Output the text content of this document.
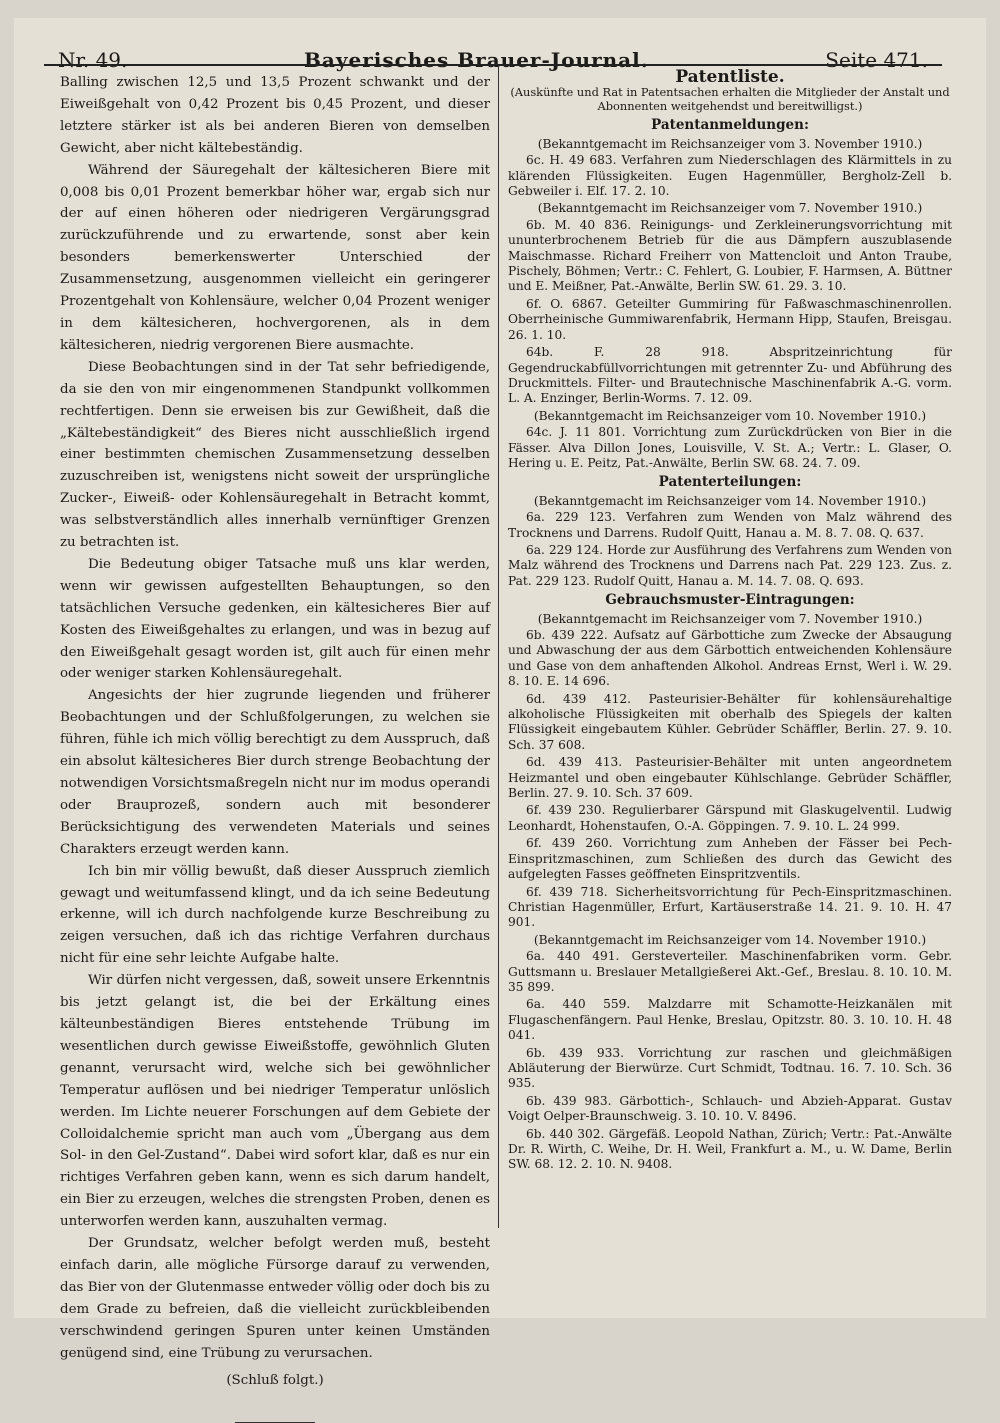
Nr. 49.	Bayerisches Brauer-Journal.	Seite 471.

Balling zwischen 12,5 und 13,5 Prozent schwankt und der Eiweißgehalt von 0,42 Prozent bis 0,45 Prozent, und dieser letztere stärker ist als bei anderen Bieren von demselben Gewicht, aber nicht kältebeständig.

Während der Säuregehalt der kältesicheren Biere mit 0,008 bis 0,01 Prozent bemerkbar höher war, ergab sich nur der auf einen höheren oder niedrigeren Vergärungsgrad zurückzuführende und zu erwartende, sonst aber kein besonders bemerkenswerter Unterschied der Zusammensetzung, ausgenommen vielleicht ein geringerer Prozentgehalt von Kohlensäure, welcher 0,04 Prozent weniger in dem kältesicheren, hochvergorenen, als in dem kältesicheren, niedrig vergorenen Biere ausmachte.

Diese Beobachtungen sind in der Tat sehr befriedigende, da sie den von mir eingenommenen Standpunkt vollkommen rechtfertigen. Denn sie erweisen bis zur Gewißheit, daß die „Kältebeständigkeit“ des Bieres nicht ausschließlich irgend einer bestimmten chemischen Zusammensetzung desselben zuzuschreiben ist, wenigstens nicht soweit der ursprüngliche Zucker-, Eiweiß- oder Kohlensäuregehalt in Betracht kommt, was selbstverständlich alles innerhalb vernünftiger Grenzen zu betrachten ist.

Die Bedeutung obiger Tatsache muß uns klar werden, wenn wir gewissen aufgestellten Behauptungen, so den tatsächlichen Versuche gedenken, ein kältesicheres Bier auf Kosten des Eiweißgehaltes zu erlangen, und was in bezug auf den Eiweißgehalt gesagt worden ist, gilt auch für einen mehr oder weniger starken Kohlensäuregehalt.

Angesichts der hier zugrunde liegenden und früherer Beobachtungen und der Schlußfolgerungen, zu welchen sie führen, fühle ich mich völlig berechtigt zu dem Ausspruch, daß ein absolut kältesicheres Bier durch strenge Beobachtung der notwendigen Vorsichtsmaßregeln nicht nur im modus operandi oder Brauprozeß, sondern auch mit besonderer Berücksichtigung des verwendeten Materials und seines Charakters erzeugt werden kann.

Ich bin mir völlig bewußt, daß dieser Ausspruch ziemlich gewagt und weitumfassend klingt, und da ich seine Bedeutung erkenne, will ich durch nachfolgende kurze Beschreibung zu zeigen versuchen, daß ich das richtige Verfahren durchaus nicht für eine sehr leichte Aufgabe halte.

Wir dürfen nicht vergessen, daß, soweit unsere Erkenntnis bis jetzt gelangt ist, die bei der Erkältung eines kälteunbeständigen Bieres entstehende Trübung im wesentlichen durch gewisse Eiweißstoffe, gewöhnlich Gluten genannt, verursacht wird, welche sich bei gewöhnlicher Temperatur auflösen und bei niedriger Temperatur unlöslich werden. Im Lichte neuerer Forschungen auf dem Gebiete der Colloidalchemie spricht man auch vom „Übergang aus dem Sol- in den Gel-Zustand“. Dabei wird sofort klar, daß es nur ein richtiges Verfahren geben kann, wenn es sich darum handelt, ein Bier zu erzeugen, welches die strengsten Proben, denen es unterworfen werden kann, auszuhalten vermag.

Der Grundsatz, welcher befolgt werden muß, besteht einfach darin, alle mögliche Fürsorge darauf zu verwenden, das Bier von der Glutenmasse entweder völlig oder doch bis zu dem Grade zu befreien, daß die vielleicht zurückbleibenden verschwindend geringen Spuren unter keinen Umständen genügend sind, eine Trübung zu verursachen.

(Schluß folgt.)

Patentliste.

(Auskünfte und Rat in Patentsachen erhalten die Mitglieder der Anstalt und Abonnenten weitgehendst und bereitwilligst.)

Patentanmeldungen:

(Bekanntgemacht im Reichsanzeiger vom 3. November 1910.)

6c. H. 49 683. Verfahren zum Niederschlagen des Klärmittels in zu klärenden Flüssigkeiten. Eugen Hagenmüller, Bergholz-Zell b. Gebweiler i. Elf. 17. 2. 10.

(Bekanntgemacht im Reichsanzeiger vom 7. November 1910.)

6b. M. 40 836. Reinigungs- und Zerkleinerungsvorrichtung mit ununterbrochenem Betrieb für die aus Dämpfern auszublasende Maischmasse. Richard Freiherr von Mattencloit und Anton Traube, Pischely, Böhmen; Vertr.: C. Fehlert, G. Loubier, F. Harmsen, A. Büttner und E. Meißner, Pat.-Anwälte, Berlin SW. 61. 29. 3. 10.

6f. O. 6867. Geteilter Gummiring für Faßwaschmaschinenrollen. Oberrheinische Gummiwarenfabrik, Hermann Hipp, Staufen, Breisgau. 26. 1. 10.

64b. F. 28 918. Abspritzeinrichtung für Gegendruckabfüllvorrichtungen mit getrennter Zu- und Abführung des Druckmittels. Filter- und Brautechnische Maschinenfabrik A.-G. vorm. L. A. Enzinger, Berlin-Worms. 7. 12. 09.

(Bekanntgemacht im Reichsanzeiger vom 10. November 1910.)

64c. J. 11 801. Vorrichtung zum Zurückdrücken von Bier in die Fässer. Alva Dillon Jones, Louisville, V. St. A.; Vertr.: L. Glaser, O. Hering u. E. Peitz, Pat.-Anwälte, Berlin SW. 68. 24. 7. 09.

Patenterteilungen:

(Bekanntgemacht im Reichsanzeiger vom 14. November 1910.)

6a. 229 123. Verfahren zum Wenden von Malz während des Trocknens und Darrens. Rudolf Quitt, Hanau a. M. 8. 7. 08. Q. 637.

6a. 229 124. Horde zur Ausführung des Verfahrens zum Wenden von Malz während des Trocknens und Darrens nach Pat. 229 123. Zus. z. Pat. 229 123. Rudolf Quitt, Hanau a. M. 14. 7. 08. Q. 693.

Gebrauchsmuster-Eintragungen:

(Bekanntgemacht im Reichsanzeiger vom 7. November 1910.)

6b. 439 222. Aufsatz auf Gärbottiche zum Zwecke der Absaugung und Abwaschung der aus dem Gärbottich entweichenden Kohlensäure und Gase von dem anhaftenden Alkohol. Andreas Ernst, Werl i. W. 29. 8. 10. E. 14 696.

6d. 439 412. Pasteurisier-Behälter für kohlensäurehaltige alkoholische Flüssigkeiten mit oberhalb des Spiegels der kalten Flüssigkeit eingebautem Kühler. Gebrüder Schäffler, Berlin. 27. 9. 10. Sch. 37 608.

6d. 439 413. Pasteurisier-Behälter mit unten angeordnetem Heizmantel und oben eingebauter Kühlschlange. Gebrüder Schäffler, Berlin. 27. 9. 10. Sch. 37 609.

6f. 439 230. Regulierbarer Gärspund mit Glaskugelventil. Ludwig Leonhardt, Hohenstaufen, O.-A. Göppingen. 7. 9. 10. L. 24 999.

6f. 439 260. Vorrichtung zum Anheben der Fässer bei Pech-Einspritzmaschinen, zum Schließen des durch das Gewicht des aufgelegten Fasses geöffneten Einspritzventils.

6f. 439 718. Sicherheitsvorrichtung für Pech-Einspritzmaschinen. Christian Hagenmüller, Erfurt, Kartäuserstraße 14. 21. 9. 10. H. 47 901.

(Bekanntgemacht im Reichsanzeiger vom 14. November 1910.)

6a. 440 491. Gersteverteiler. Maschinenfabriken vorm. Gebr. Guttsmann u. Breslauer Metallgießerei Akt.-Gef., Breslau. 8. 10. 10. M. 35 899.

6a. 440 559. Malzdarre mit Schamotte-Heizkanälen mit Flugaschenfängern. Paul Henke, Breslau, Opitzstr. 80. 3. 10. 10. H. 48 041.

6b. 439 933. Vorrichtung zur raschen und gleichmäßigen Abläuterung der Bierwürze. Curt Schmidt, Todtnau. 16. 7. 10. Sch. 36 935.

6b. 439 983. Gärbottich-, Schlauch- und Abzieh-Apparat. Gustav Voigt Oelper-Braunschweig. 3. 10. 10. V. 8496.

6b. 440 302. Gärgefäß. Leopold Nathan, Zürich; Vertr.: Pat.-Anwälte Dr. R. Wirth, C. Weihe, Dr. H. Weil, Frankfurt a. M., u. W. Dame, Berlin SW. 68. 12. 2. 10. N. 9408.
